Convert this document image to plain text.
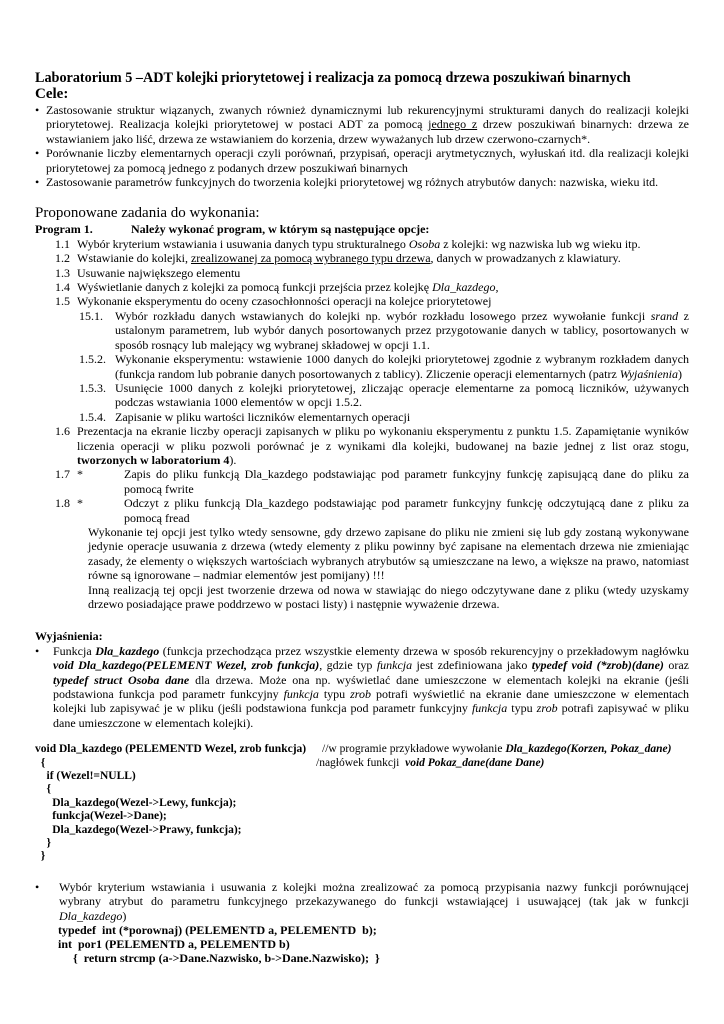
Laboratorium 5 –ADT kolejki priorytetowej i realizacja za pomocą drzewa poszukiwań binarnych

Cele:

• Zastosowanie struktur wiązanych, zwanych również dynamicznymi lub rekurencyjnymi strukturami danych do realizacji kolejki priorytetowej. Realizacja kolejki priorytetowej w postaci ADT za pomocą jednego z drzew poszukiwań binarnych: drzewa ze wstawianiem jako liść, drzewa ze wstawianiem do korzenia, drzew wyważanych lub drzew czerwono-czarnych*.
• Porównanie liczby elementarnych operacji czyli porównań, przypisań, operacji arytmetycznych, wyłuskań itd. dla realizacji kolejki priorytetowej za pomocą jednego z podanych drzew poszukiwań binarnych
• Zastosowanie parametrów funkcyjnych do tworzenia kolejki priorytetowej wg różnych atrybutów danych: nazwiska, wieku itd.

Proponowane zadania do wykonania:

Program 1.	Należy wykonać program, w którym są następujące opcje:

1.1 Wybór kryterium wstawiania i usuwania danych typu strukturalnego Osoba z kolejki: wg nazwiska lub wg wieku itp.
1.2 Wstawianie do kolejki, zrealizowanej za pomocą wybranego typu drzewa, danych w prowadzanych z klawiatury.
1.3 Usuwanie największego elementu
1.4 Wyświetlanie danych z kolejki za pomocą funkcji przejścia przez kolejkę Dla_kazdego,
1.5 Wykonanie eksperymentu do oceny czasochłonności operacji na kolejce priorytetowej
15.1. Wybór rozkładu danych wstawianych do kolejki np. wybór rozkładu losowego przez wywołanie funkcji srand z ustalonym parametrem, lub wybór danych posortowanych przez przygotowanie danych w tablicy, posortowanych w sposób rosnący lub malejący wg wybranej składowej w opcji 1.1.
1.5.2. Wykonanie eksperymentu: wstawienie 1000 danych do kolejki priorytetowej zgodnie z wybranym rozkładem danych (funkcja random lub pobranie danych posortowanych z tablicy). Zliczenie operacji elementarnych (patrz Wyjaśnienia)
1.5.3. Usunięcie 1000 danych z kolejki priorytetowej, zliczając operacje elementarne za pomocą liczników, używanych podczas wstawiania 1000 elementów w opcji 1.5.2.
1.5.4. Zapisanie w pliku wartości liczników elementarnych operacji
1.6 Prezentacja na ekranie liczby operacji zapisanych w pliku po wykonaniu eksperymentu z punktu 1.5. Zapamiętanie wyników liczenia operacji w pliku pozwoli porównać je z wynikami dla kolejki, budowanej na bazie jednej z list oraz stogu, tworzonych w laboratorium 4).
1.7 *	Zapis do pliku funkcją Dla_kazdego podstawiając pod parametr funkcyjny funkcję zapisującą dane do pliku za pomocą fwrite
1.8 *	Odczyt z pliku funkcją Dla_kazdego podstawiając pod parametr funkcyjny funkcję odczytującą dane z pliku za pomocą fread
Wykonanie tej opcji jest tylko wtedy sensowne, gdy drzewo zapisane do pliku nie zmieni się lub gdy zostaną wykonywane jedynie operacje usuwania z drzewa (wtedy elementy z pliku powinny być zapisane na elementach drzewa nie zmieniając zasady, że elementy o większych wartościach wybranych atrybutów są umieszczane na lewo, a większe na prawo, natomiast równe są ignorowane – nadmiar elementów jest pomijany) !!!
Inną realizacją tej opcji jest tworzenie drzewa od nowa w stawiając do niego odczytywane dane z pliku (wtedy uzyskamy drzewo posiadające prawe poddrzewo w postaci listy) i następnie wyważenie drzewa.

Wyjaśnienia:

• Funkcja Dla_kazdego (funkcja przechodząca przez wszystkie elementy drzewa w sposób rekurencyjny o przekładowym nagłówku void Dla_kazdego(PELEMENT Wezel, zrob funkcja), gdzie typ funkcja jest zdefiniowana jako typedef void (*zrob)(dane) oraz typedef struct Osoba dane dla drzewa. Może ona np. wyświetlać dane umieszczone w elementach kolejki na ekranie (jeśli podstawiona funkcja pod parametr funkcyjny funkcja typu zrob potrafi wyświetlić na ekranie dane umieszczone w elementach kolejki lub zapisywać je w pliku (jeśli podstawiona funkcja pod parametr funkcyjny funkcja typu zrob potrafi zapisywać w pliku dane umieszczone w elementach kolejki).
void Dla_kazdego (PELEMENTD Wezel, zrob funkcja) //w programie przykładowe wywołanie Dla_kazdego(Korzen, Pokaz_dane)
{	/nagłówek funkcji  void Pokaz_dane(dane Dane)
if (Wezel!=NULL)
{
Dla_kazdego(Wezel->Lewy, funkcja);
funkcja(Wezel->Dane);
Dla_kazdego(Wezel->Prawy, funkcja);
}
}
• Wybór kryterium wstawiania i usuwania z kolejki można zrealizować za pomocą przypisania nazwy funkcji porównującej wybrany atrybut do parametru funkcyjnego przekazywanego do funkcji wstawiającej i usuwającej (tak jak w funkcji Dla_kazdego)
typedef  int (*porownaj) (PELEMENTD a, PELEMENTD  b);
int  por1 (PELEMENTD a, PELEMENTD b)
{  return strcmp (a->Dane.Nazwisko, b->Dane.Nazwisko);  }
